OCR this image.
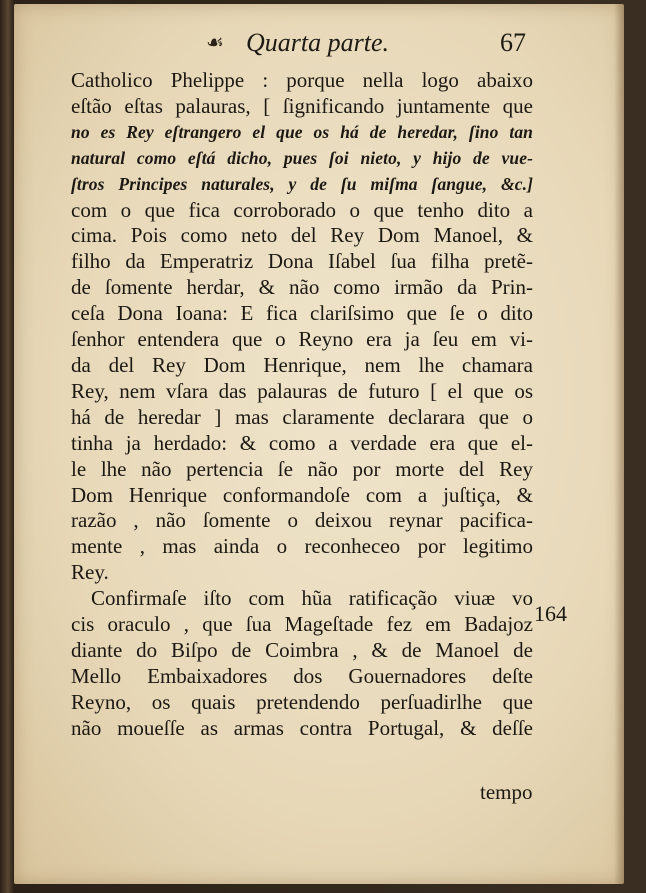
☙ Quarta parte.	67
Catholico Phelippe : porque nella logo abaixo
eſtão eſtas palauras, [ ſignificando juntamente que
no es Rey eſtrangero el que os há de heredar, ſino tan
natural como eſtá dicho, pues ſoi nieto, y hijo de vue-
ſtros Principes naturales, y de ſu miſma ſangue, &c.]
com o que fica corroborado o que tenho dito a
cima. Pois como neto del Rey Dom Manoel, &
filho da Emperatriz Dona Iſabel ſua filha pretẽ-
de ſomente herdar, & não como irmão da Prin-
ceſa Dona Ioana: E fica clariſsimo que ſe o dito
ſenhor entendera que o Reyno era ja ſeu em vi-
da del Rey Dom Henrique, nem lhe chamara
Rey, nem vſara das palauras de futuro [ el que os
há de heredar ] mas claramente declarara que o
tinha ja herdado: & como a verdade era que el-
le lhe não pertencia ſe não por morte del Rey
Dom Henrique conformandoſe com a juſtiça, &
razão , não ſomente o deixou reynar pacifica-
mente , mas ainda o reconheceo por legitimo
Rey.
Confirmaſe iſto com hũa ratificação viuæ vo
cis oraculo , que ſua Mageſtade fez em Badajoz
diante do Biſpo de Coimbra , & de Manoel de
Mello Embaixadores dos Gouernadores deſte
Reyno, os quais pretendendo perſuadirlhe que
não moueſſe as armas contra Portugal, & deſſe
164
tempo
